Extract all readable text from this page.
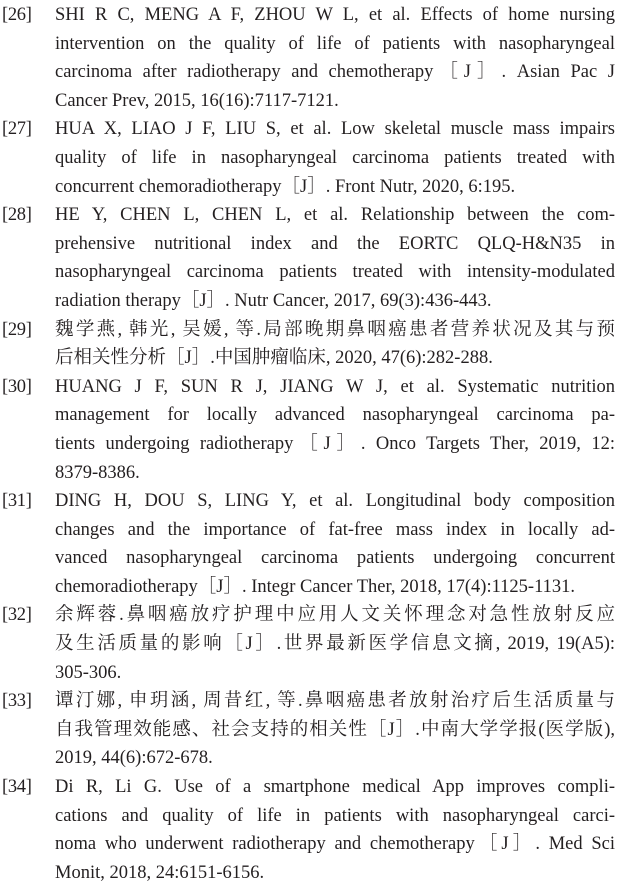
[26] SHI R C, MENG A F, ZHOU W L, et al. Effects of home nursing
intervention on the quality of life of patients with nasopharyngeal
carcinoma after radiotherapy and chemotherapy［J］. Asian Pac J
Cancer Prev, 2015, 16(16):7117-7121.
[27] HUA X, LIAO J F, LIU S, et al. Low skeletal muscle mass impairs
quality of life in nasopharyngeal carcinoma patients treated with
concurrent chemoradiotherapy［J］. Front Nutr, 2020, 6:195.
[28] HE Y, CHEN L, CHEN L, et al. Relationship between the com-
prehensive nutritional index and the EORTC QLQ-H&N35 in
nasopharyngeal carcinoma patients treated with intensity-modulated
radiation therapy［J］. Nutr Cancer, 2017, 69(3):436-443.
[29] 魏学燕, 韩光, 吴媛, 等.局部晚期鼻咽癌患者营养状况及其与预
后相关性分析［J］.中国肿瘤临床, 2020, 47(6):282-288.
[30] HUANG J F, SUN R J, JIANG W J, et al. Systematic nutrition
management for locally advanced nasopharyngeal carcinoma pa-
tients undergoing radiotherapy［J］. Onco Targets Ther, 2019, 12:
8379-8386.
[31] DING H, DOU S, LING Y, et al. Longitudinal body composition
changes and the importance of fat-free mass index in locally ad-
vanced nasopharyngeal carcinoma patients undergoing concurrent
chemoradiotherapy［J］. Integr Cancer Ther, 2018, 17(4):1125-1131.
[32] 余辉蓉.鼻咽癌放疗护理中应用人文关怀理念对急性放射反应
及生活质量的影响［J］.世界最新医学信息文摘, 2019, 19(A5):
305-306.
[33] 谭汀娜, 申玥涵, 周昔红, 等.鼻咽癌患者放射治疗后生活质量与
自我管理效能感、社会支持的相关性［J］.中南大学学报(医学版),
2019, 44(6):672-678.
[34] Di R, Li G. Use of a smartphone medical App improves compli-
cations and quality of life in patients with nasopharyngeal carci-
noma who underwent radiotherapy and chemotherapy［J］. Med Sci
Monit, 2018, 24:6151-6156.
